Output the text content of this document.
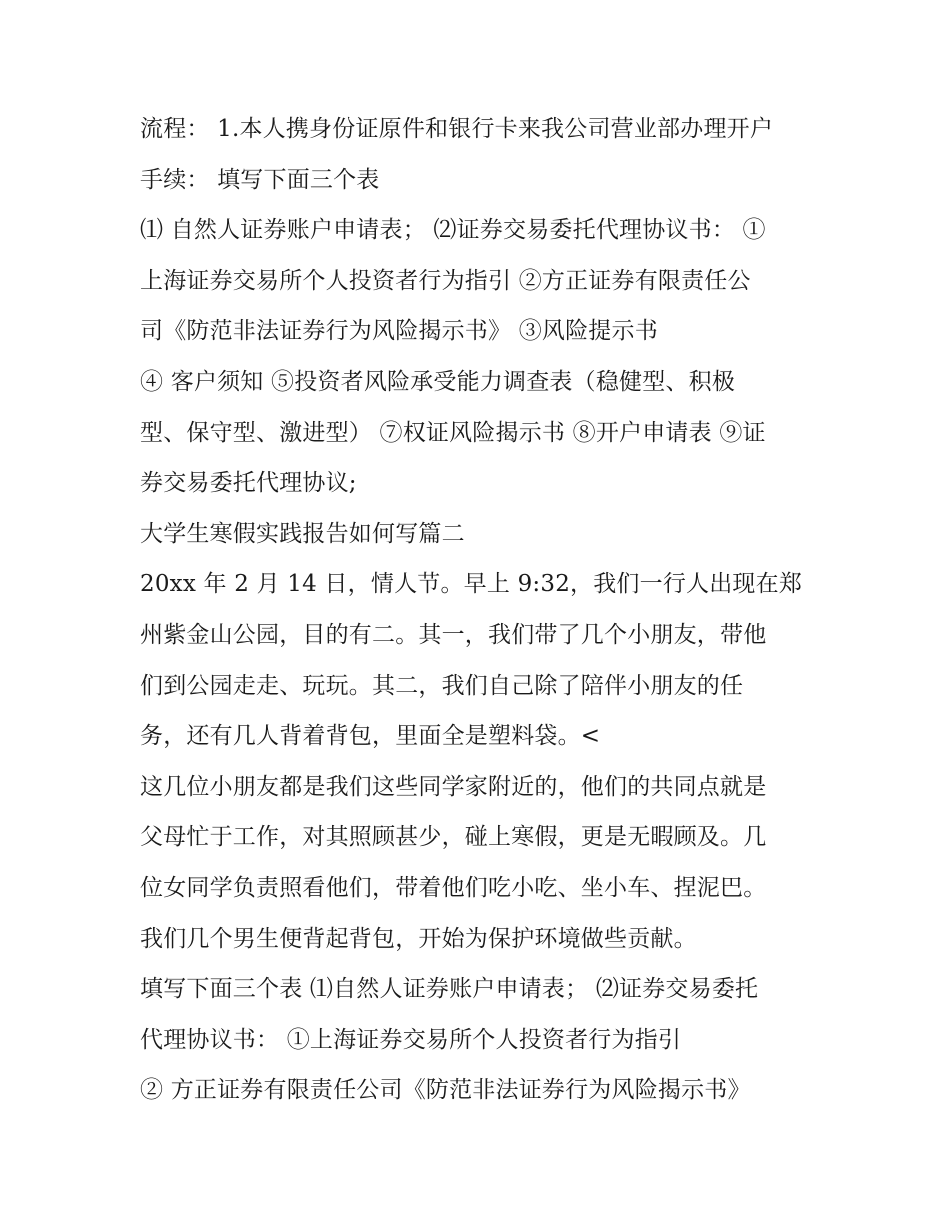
流程： 1.本人携身份证原件和银行卡来我公司营业部办理开户
手续： 填写下面三个表
⑴ 自然人证券账户申请表； ⑵证券交易委托代理协议书： ①
上海证券交易所个人投资者行为指引 ②方正证券有限责任公
司《防范非法证券行为风险揭示书》 ③风险提示书
④ 客户须知 ⑤投资者风险承受能力调查表（稳健型、积极
型、保守型、激进型） ⑦权证风险揭示书 ⑧开户申请表 ⑨证
券交易委托代理协议;
大学生寒假实践报告如何写篇二
20xx 年 2 月 14 日，情人节。早上 9:32，我们一行人出现在郑
州紫金山公园，目的有二。其一，我们带了几个小朋友，带他
们到公园走走、玩玩。其二，我们自己除了陪伴小朋友的任
务，还有几人背着背包，里面全是塑料袋。<
这几位小朋友都是我们这些同学家附近的，他们的共同点就是
父母忙于工作，对其照顾甚少，碰上寒假，更是无暇顾及。几
位女同学负责照看他们，带着他们吃小吃、坐小车、捏泥巴。
我们几个男生便背起背包，开始为保护环境做些贡献。
填写下面三个表 ⑴自然人证券账户申请表； ⑵证券交易委托
代理协议书： ①上海证券交易所个人投资者行为指引
② 方正证券有限责任公司《防范非法证券行为风险揭示书》
